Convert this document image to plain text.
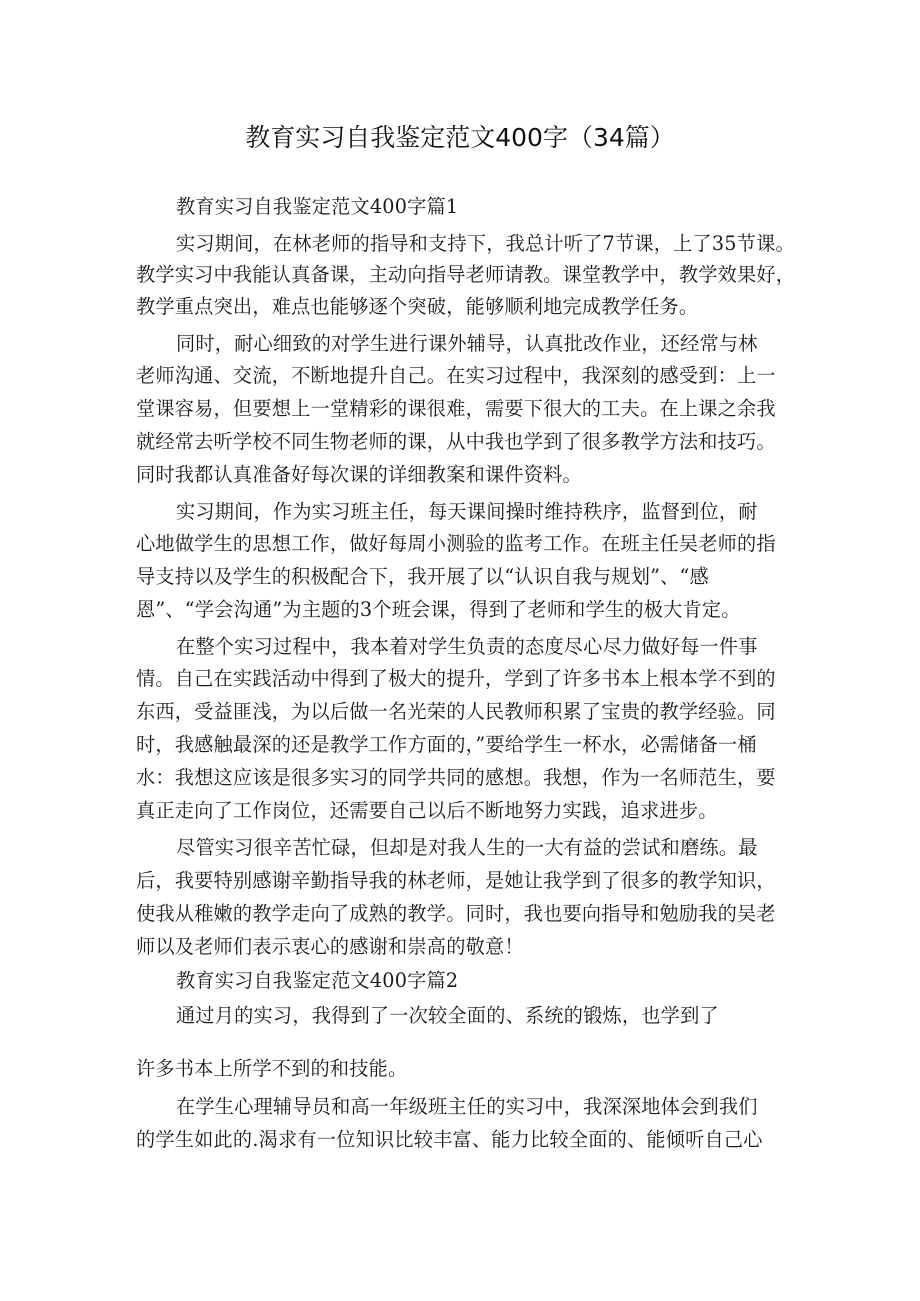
教育实习自我鉴定范文400字（34篇）
教育实习自我鉴定范文400字篇1
实习期间，在林老师的指导和支持下，我总计听了7节课，上了35节课。
教学实习中我能认真备课，主动向指导老师请教。课堂教学中，教学效果好，
教学重点突出，难点也能够逐个突破，能够顺利地完成教学任务。
同时，耐心细致的对学生进行课外辅导，认真批改作业，还经常与林
老师沟通、交流，不断地提升自己。在实习过程中，我深刻的感受到：上一
堂课容易，但要想上一堂精彩的课很难，需要下很大的工夫。在上课之余我
就经常去听学校不同生物老师的课，从中我也学到了很多教学方法和技巧。
同时我都认真准备好每次课的详细教案和课件资料。
实习期间，作为实习班主任，每天课间操时维持秩序，监督到位，耐
心地做学生的思想工作，做好每周小测验的监考工作。在班主任吴老师的指
导支持以及学生的积极配合下，我开展了以“认识自我与规划”、“感
恩”、“学会沟通”为主题的3个班会课，得到了老师和学生的极大肯定。
在整个实习过程中，我本着对学生负责的态度尽心尽力做好每一件事
情。自己在实践活动中得到了极大的提升，学到了许多书本上根本学不到的
东西，受益匪浅，为以后做一名光荣的人民教师积累了宝贵的教学经验。同
时，我感触最深的还是教学工作方面的，”要给学生一杯水，必需储备一桶
水：我想这应该是很多实习的同学共同的感想。我想，作为一名师范生，要
真正走向了工作岗位，还需要自己以后不断地努力实践，追求进步。
尽管实习很辛苦忙碌，但却是对我人生的一大有益的尝试和磨练。最
后，我要特别感谢辛勤指导我的林老师，是她让我学到了很多的教学知识，
使我从稚嫩的教学走向了成熟的教学。同时，我也要向指导和勉励我的吴老
师以及老师们表示衷心的感谢和崇高的敬意！
教育实习自我鉴定范文400字篇2
通过月的实习，我得到了一次较全面的、系统的锻炼，也学到了
许多书本上所学不到的和技能。
在学生心理辅导员和高一年级班主任的实习中，我深深地体会到我们
的学生如此的.渴求有一位知识比较丰富、能力比较全面的、能倾听自己心
